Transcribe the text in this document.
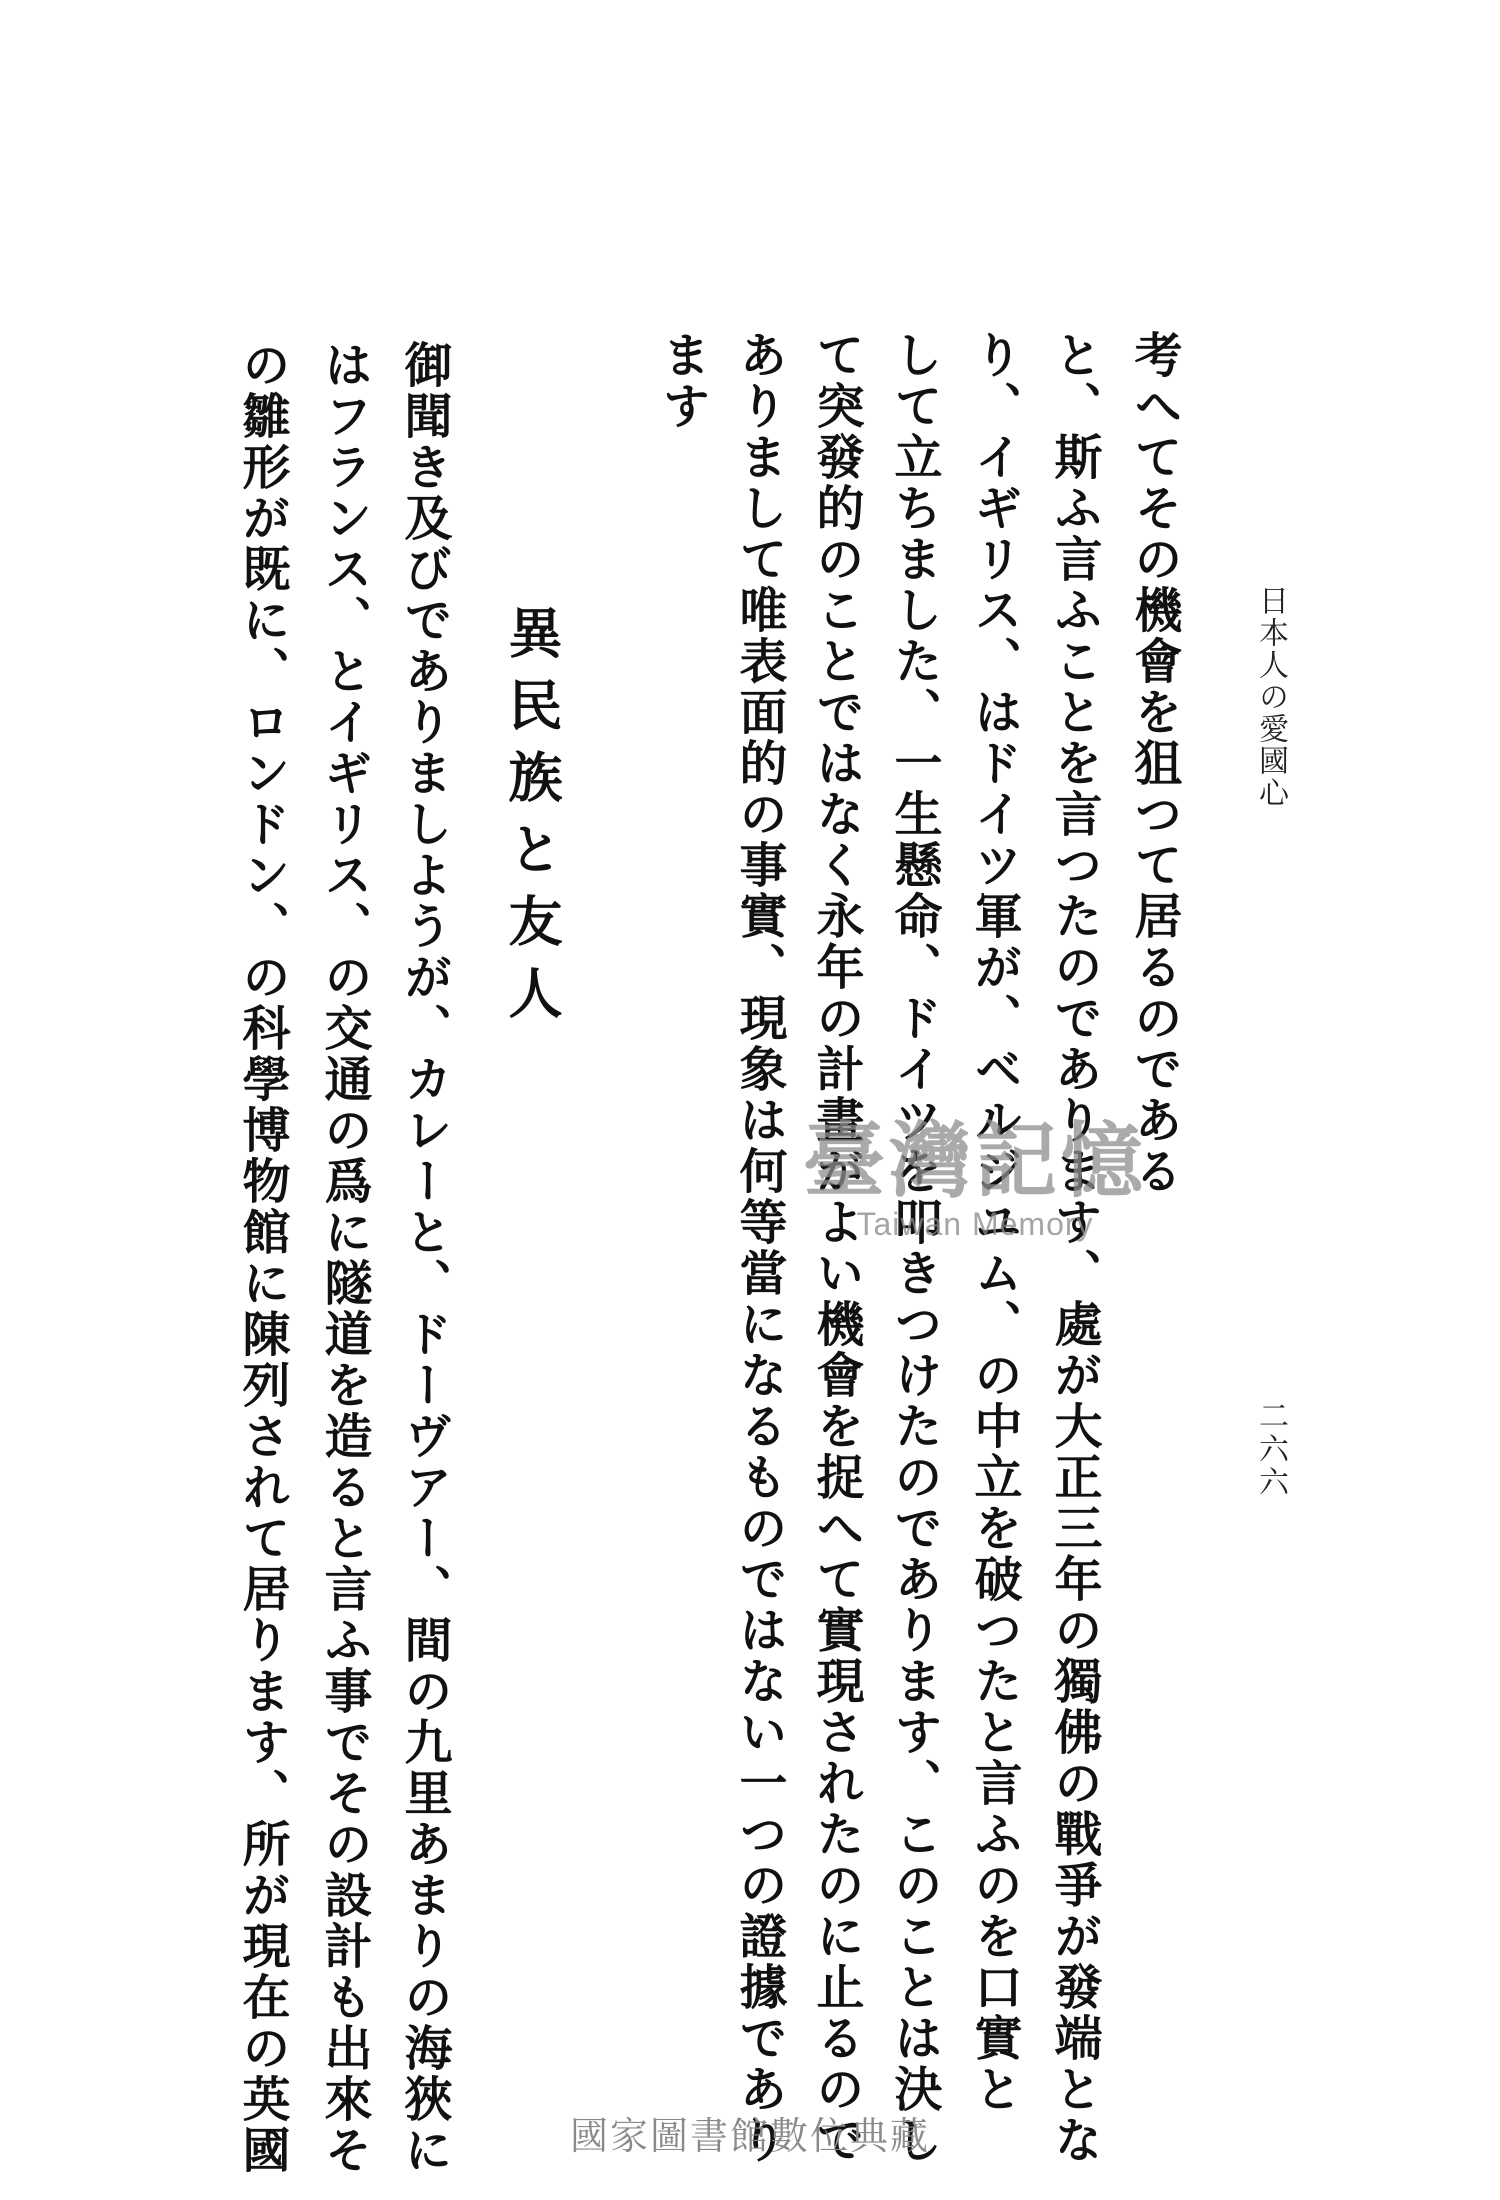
日本人の愛國心
二六六
考へてその機會を狙つて居るのである
と、斯ふ言ふことを言つたのであります、處が大正三年の獨佛の戰爭が發端とな
り、イギリス、はドイツ軍が、ベルジユム、の中立を破つたと言ふのを口實と
して立ちました、一生懸命、ドイツを叩きつけたのであります、このことは決し
て突發的のことではなく永年の計畫がよい機會を捉へて實現されたのに止るので
ありまして唯表面的の事實、現象は何等當になるものではない一つの證據であり
ます
異民族と友人
御聞き及びでありましようが、カレーと、ドーヴアー、間の九里あまりの海狹に
はフランス、とイギリス、の交通の爲に隧道を造ると言ふ事でその設計も出來そ
の雛形が既に、ロンドン、の科學博物館に陳列されて居ります、所が現在の英國	臺灣記憶
Taiwan Memory
國家圖書館數位典藏
